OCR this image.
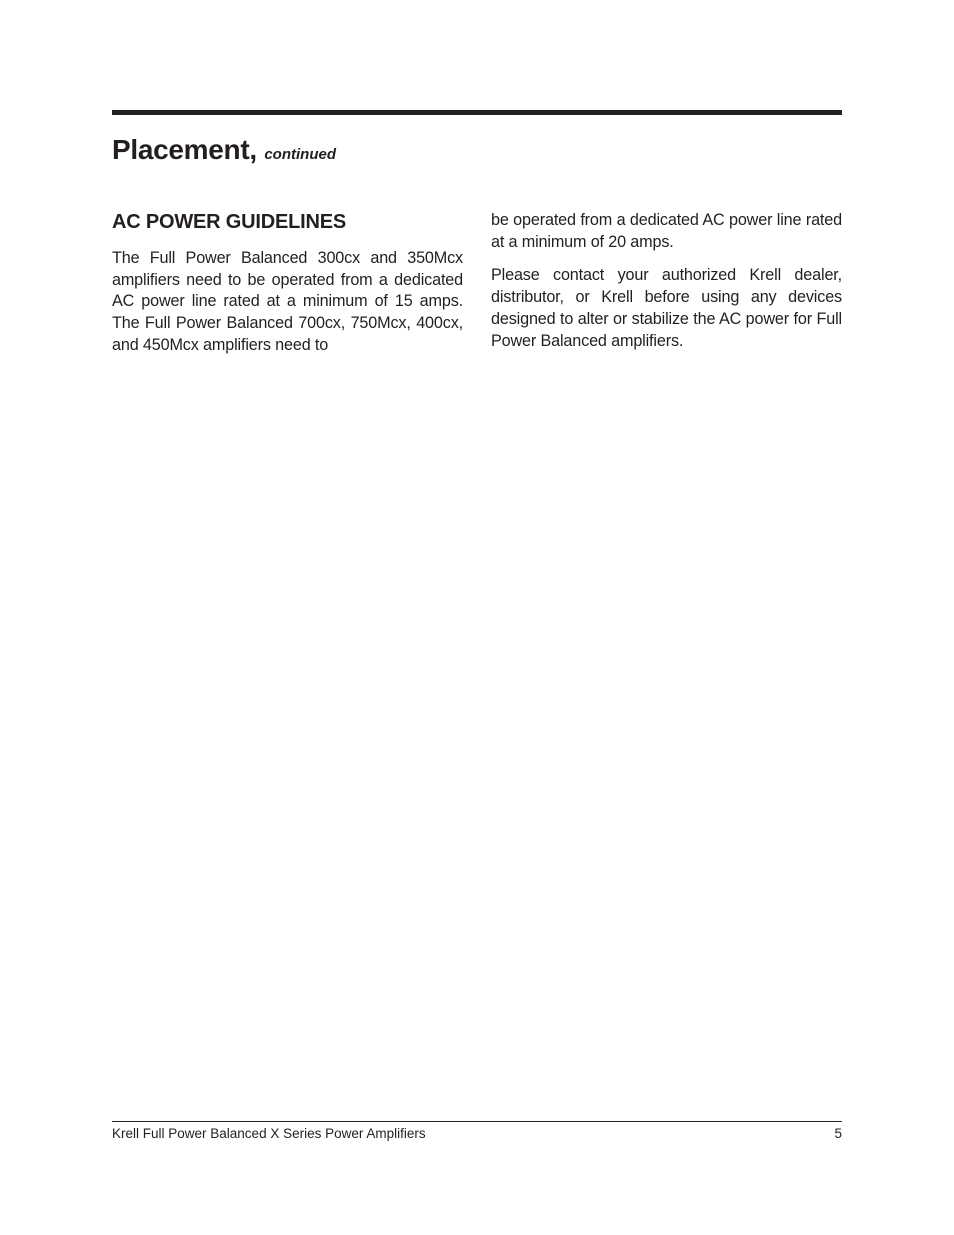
Placement, continued
AC POWER GUIDELINES

The Full Power Balanced 300cx and 350Mcx amplifiers need to be operated from a dedicated AC power line rated at a minimum of 15 amps. The Full Power Balanced 700cx, 750Mcx, 400cx, and 450Mcx amplifiers need to

be operated from a dedicated AC power line rated at a minimum of 20 amps.

Please contact your authorized Krell dealer, distributor, or Krell before using any devices designed to alter or stabilize the AC power for Full Power Balanced amplifiers.

Krell Full Power Balanced X Series Power Amplifiers	5
